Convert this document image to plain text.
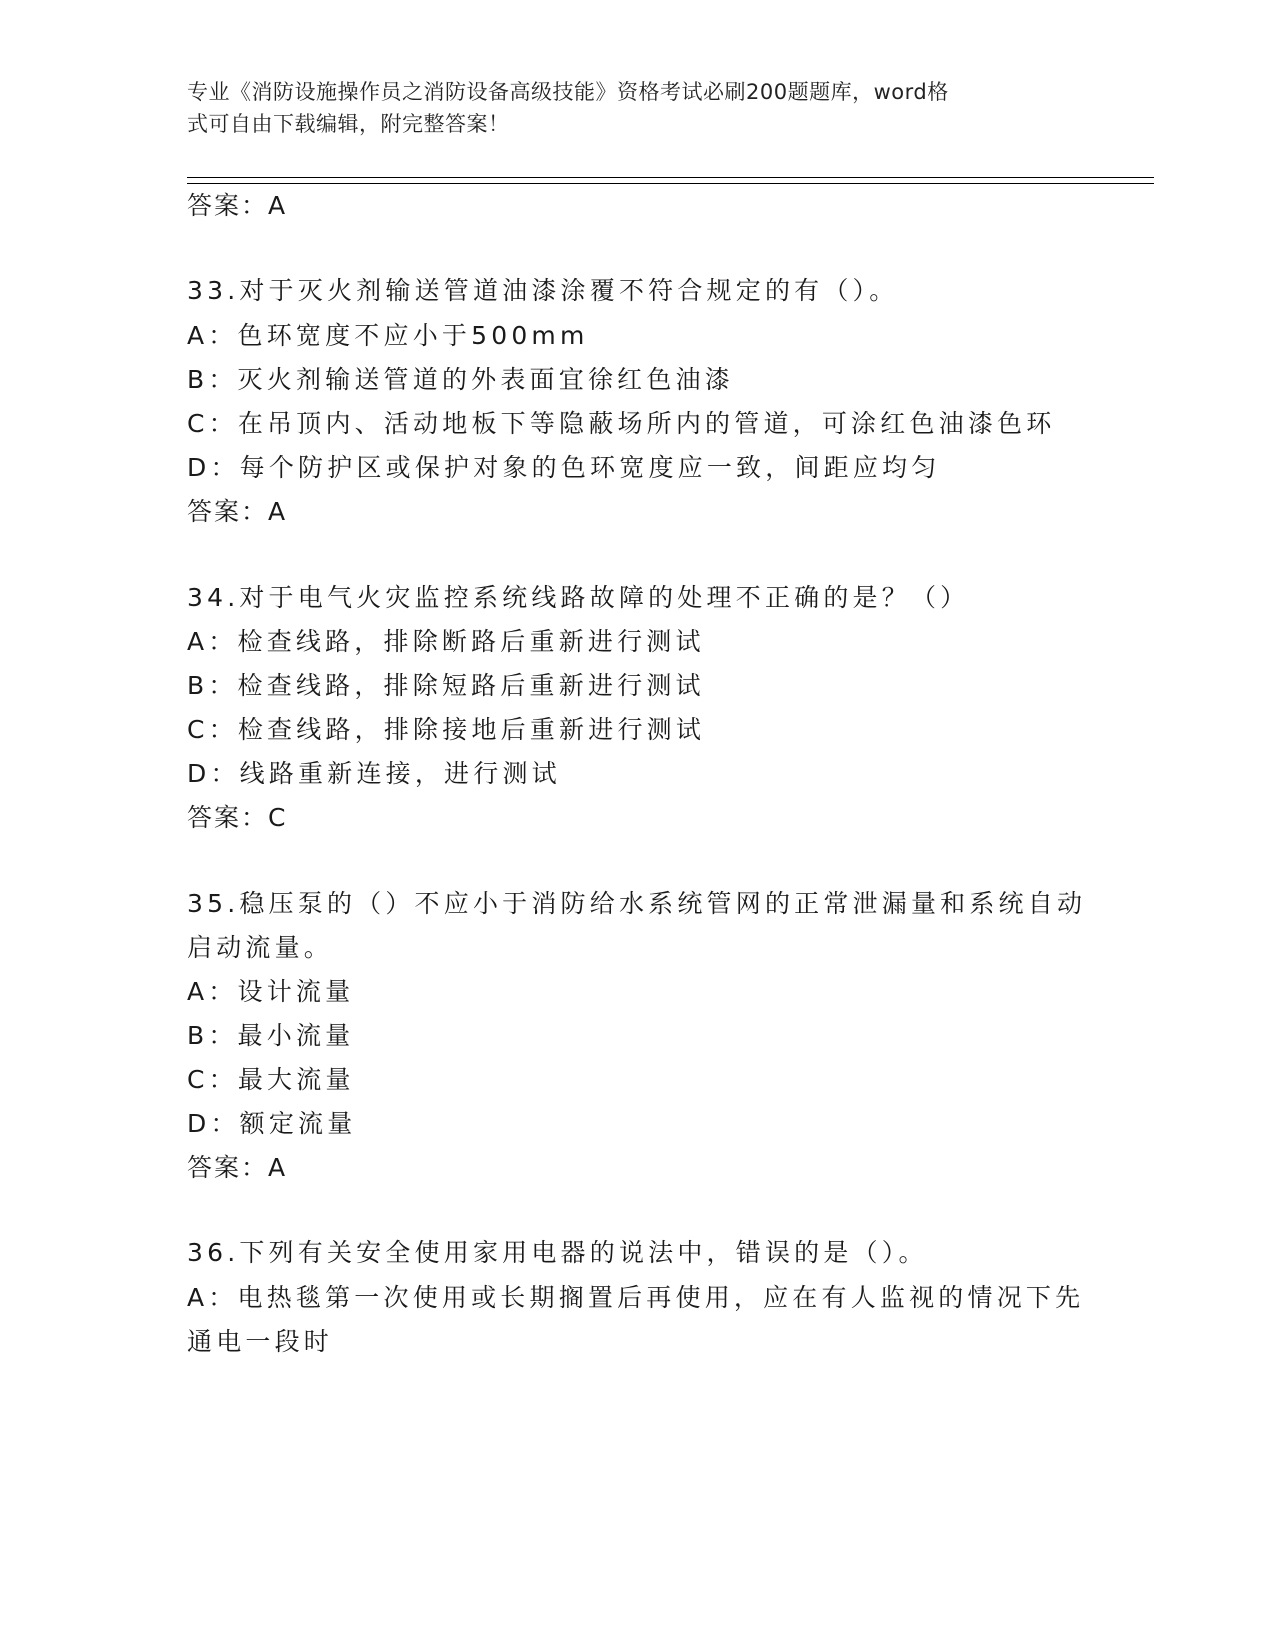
专业《消防设施操作员之消防设备高级技能》资格考试必刷200题题库，word格
式可自由下载编辑，附完整答案！
答案：A
33.对于灭火剂输送管道油漆涂覆不符合规定的有（）。
A：色环宽度不应小于500mm
B：灭火剂输送管道的外表面宜徐红色油漆
C：在吊顶内、活动地板下等隐蔽场所内的管道，可涂红色油漆色环
D：每个防护区或保护对象的色环宽度应一致，间距应均匀
答案：A
34.对于电气火灾监控系统线路故障的处理不正确的是？（）
A：检查线路，排除断路后重新进行测试
B：检查线路，排除短路后重新进行测试
C：检查线路，排除接地后重新进行测试
D：线路重新连接，进行测试
答案：C
35.稳压泵的（）不应小于消防给水系统管网的正常泄漏量和系统自动
启动流量。
A：设计流量
B：最小流量
C：最大流量
D：额定流量
答案：A
36.下列有关安全使用家用电器的说法中，错误的是（）。
A：电热毯第一次使用或长期搁置后再使用，应在有人监视的情况下先
通电一段时
